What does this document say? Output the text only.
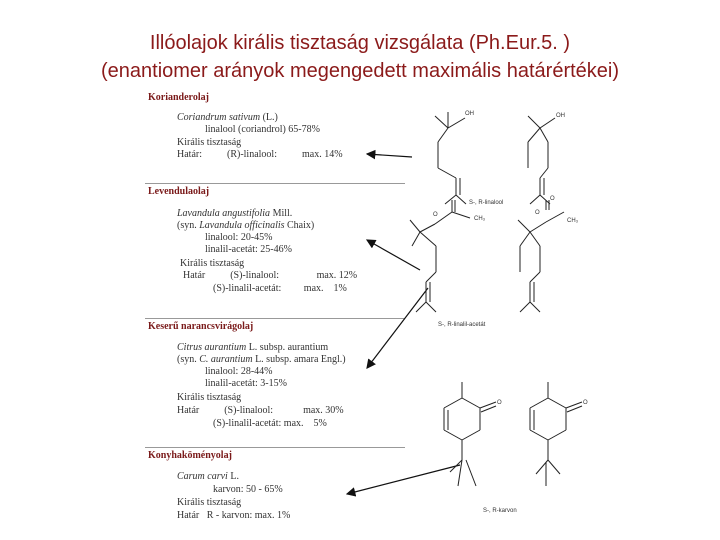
Illóolajok királis tisztaság vizsgálata (Ph.Eur.5. )
(enantiomer arányok megengedett maximális határértékei)
Korianderolaj
Coriandrum sativum (L.)
linalool (coriandrol) 65-78%
Királis tisztaság
Határ:          (R)-linalool:          max. 14%
Levendulaolaj
Lavandula angustifolia Mill.
(syn. Lavandula officinalis Chaix)
linalool: 20-45%
linalil-acetát: 25-46%
Királis tisztaság
Határ          (S)-linalool:               max. 12%
(S)-linalil-acetát:         max.    1%
Keserű narancsvirágolaj
Citrus aurantium L. subsp. aurantium
(syn. C. aurantium L. subsp. amara Engl.)
linalool: 28-44%
linalil-acetát: 3-15%
Királis tisztaság
Határ          (S)-linalool:            max. 30%
(S)-linalil-acetát: max.    5%
Konyhaköményolaj
Carum carvi L.
karvon: 50 - 65%
Királis tisztaság
Határ   R - karvon: max. 1%
OH	OH
S-, R-linalool
O
CH₃
O
O
CH₃
S-, R-linalil-acetát
O	O
S-, R-karvon
